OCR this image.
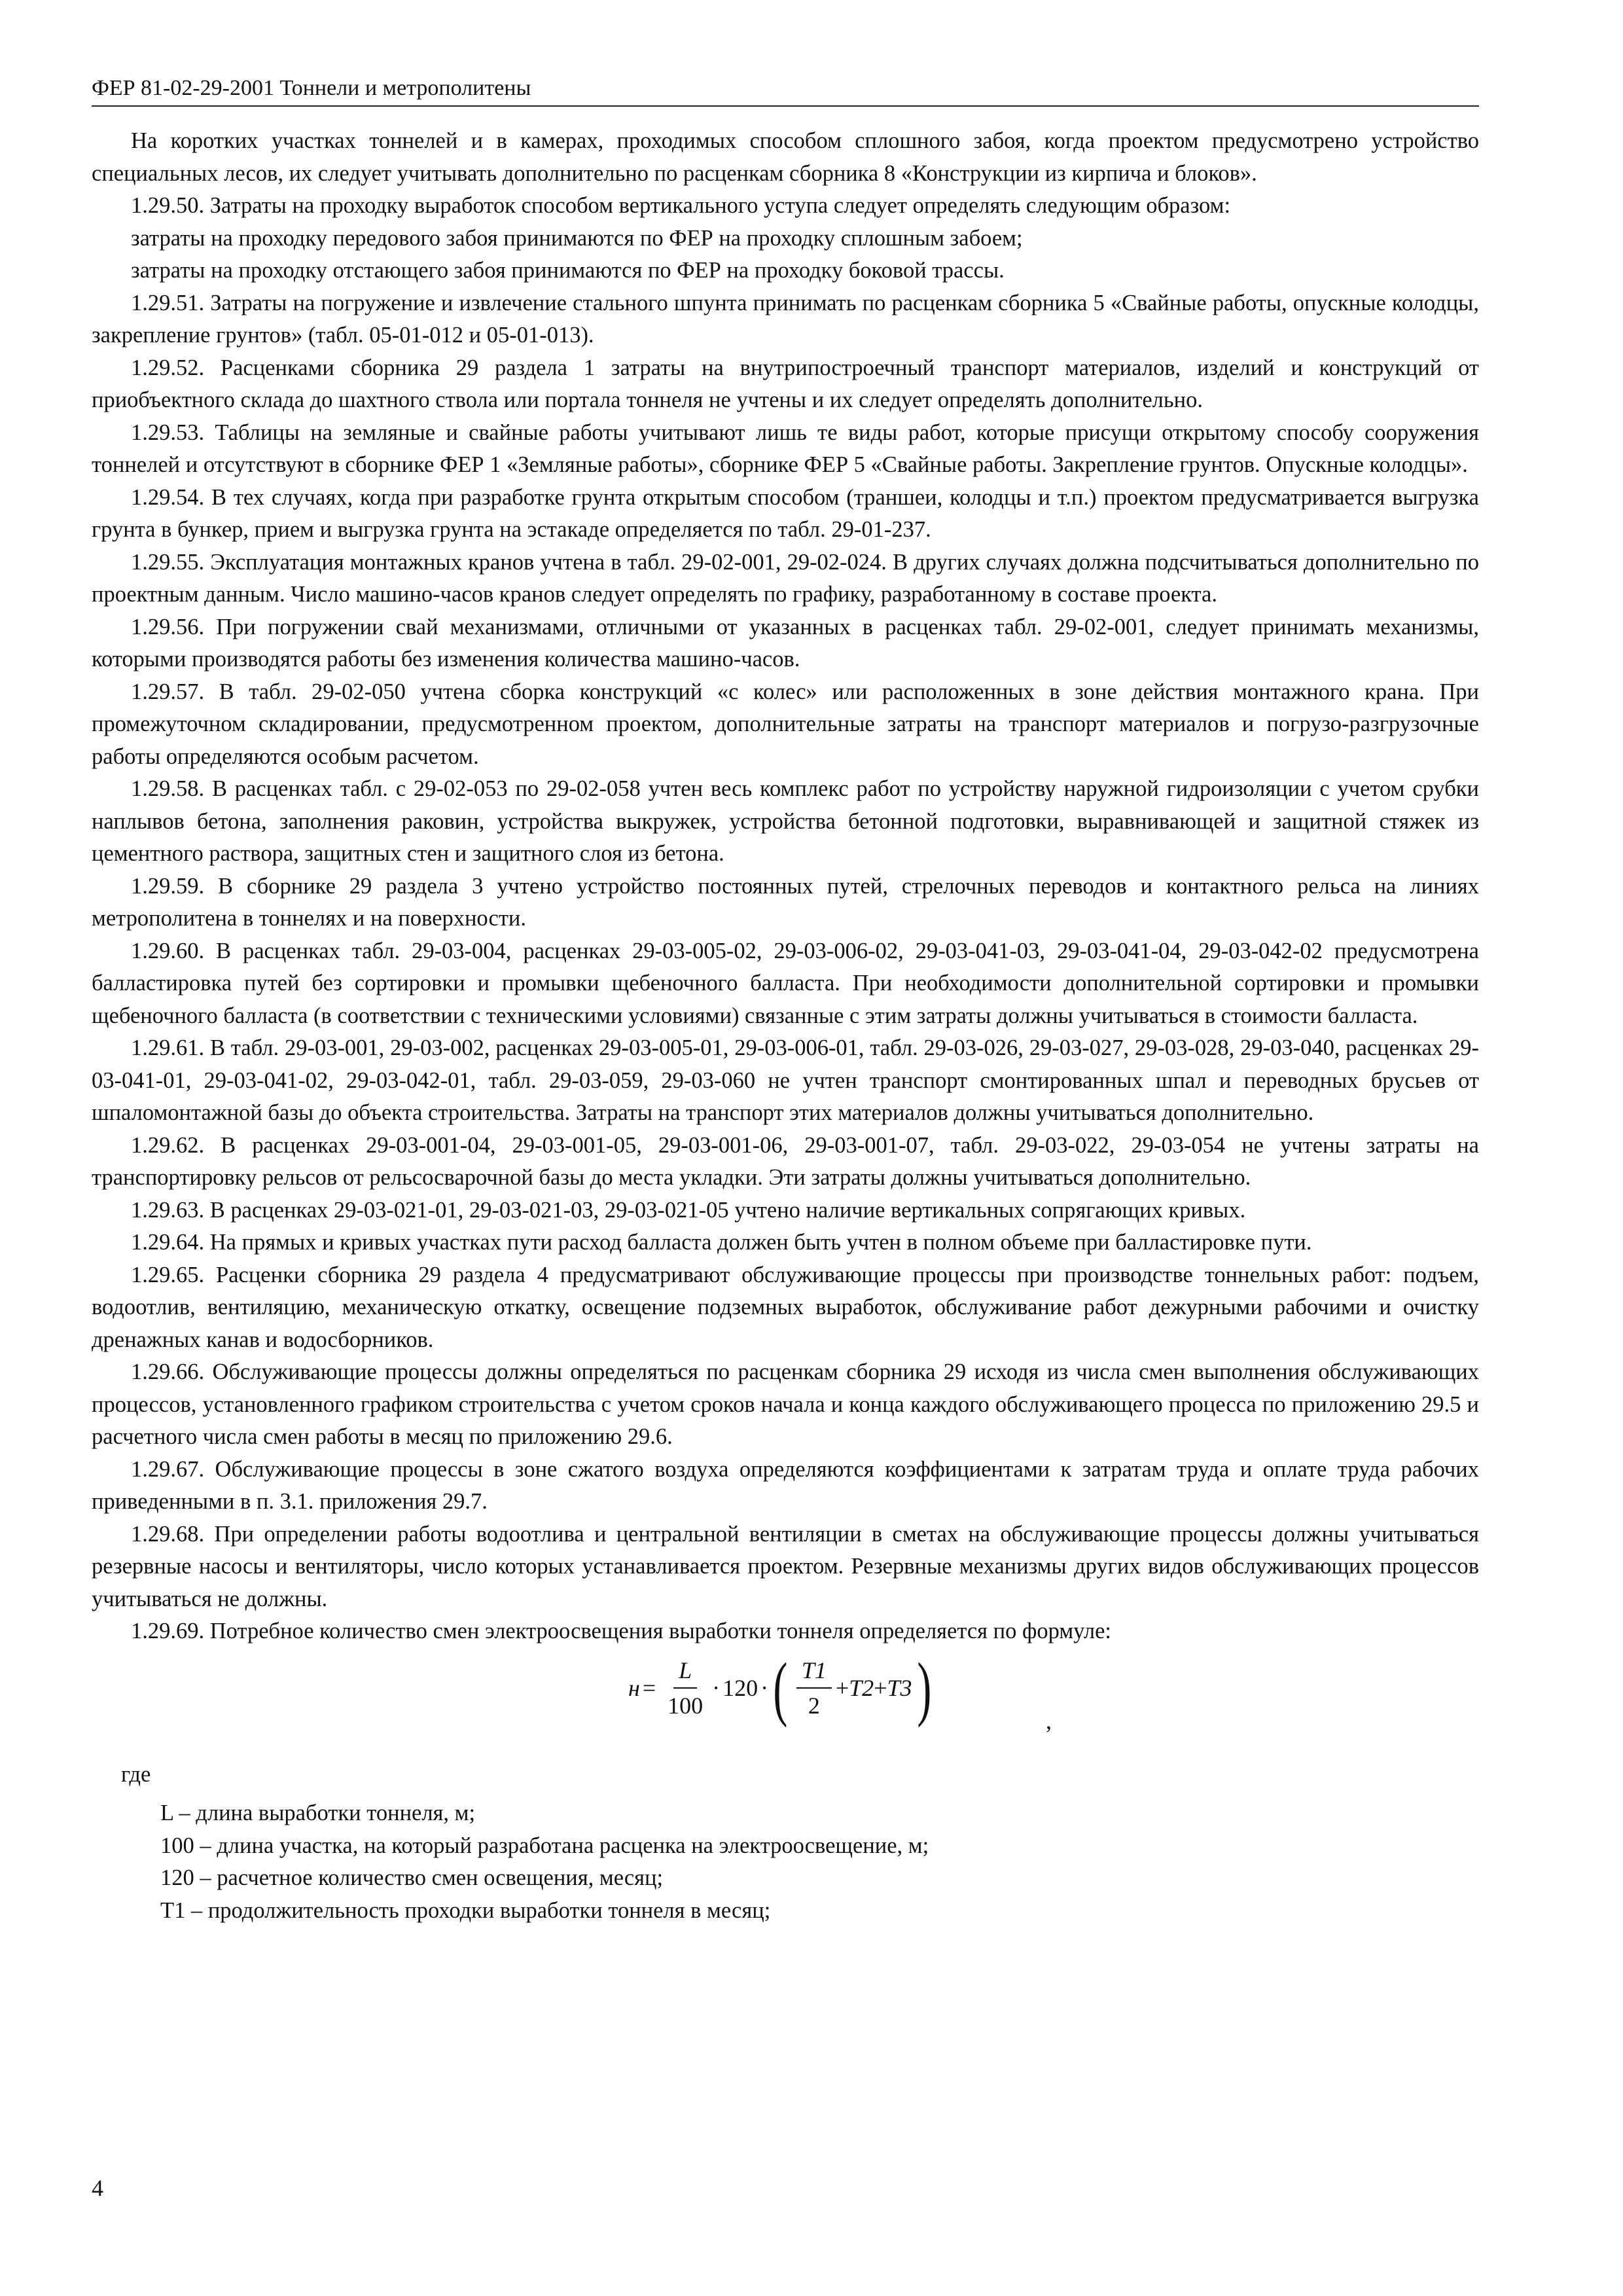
ФЕР 81-02-29-2001 Тоннели и метрополитены

На коротких участках тоннелей и в камерах, проходимых способом сплошного забоя, когда проектом предусмотрено устройство специальных лесов, их следует учитывать дополнительно по расценкам сборника 8 «Конструкции из кирпича и блоков».

1.29.50. Затраты на проходку выработок способом вертикального уступа следует определять следующим образом:

затраты на проходку передового забоя принимаются по ФЕР на проходку сплошным забоем;

затраты на проходку отстающего забоя принимаются по ФЕР на проходку боковой трассы.

1.29.51. Затраты на погружение и извлечение стального шпунта принимать по расценкам сборника 5 «Свайные работы, опускные колодцы, закрепление грунтов» (табл. 05-01-012 и 05-01-013).

1.29.52. Расценками сборника 29 раздела 1 затраты на внутрипостроечный транспорт материалов, изделий и конструкций от приобъектного склада до шахтного ствола или портала тоннеля не учтены и их следует определять дополнительно.

1.29.53. Таблицы на земляные и свайные работы учитывают лишь те виды работ, которые присущи открытому способу сооружения тоннелей и отсутствуют в сборнике ФЕР 1 «Земляные работы», сборнике ФЕР 5 «Свайные работы. Закрепление грунтов. Опускные колодцы».

1.29.54. В тех случаях, когда при разработке грунта открытым способом (траншеи, колодцы и т.п.) проектом предусматривается выгрузка грунта в бункер, прием и выгрузка грунта на эстакаде определяется по табл. 29-01-237.

1.29.55. Эксплуатация монтажных кранов учтена в табл. 29-02-001, 29-02-024. В других случаях должна подсчитываться дополнительно по проектным данным. Число машино-часов кранов следует определять по графику, разработанному в составе проекта.

1.29.56. При погружении свай механизмами, отличными от указанных в расценках табл. 29-02-001, следует принимать механизмы, которыми производятся работы без изменения количества машино-часов.

1.29.57. В табл. 29-02-050 учтена сборка конструкций «с колес» или расположенных в зоне действия монтажного крана. При промежуточном складировании, предусмотренном проектом, дополнительные затраты на транспорт материалов и погрузо-разгрузочные работы определяются особым расчетом.

1.29.58. В расценках табл. с 29-02-053 по 29-02-058 учтен весь комплекс работ по устройству наружной гидроизоляции с учетом срубки наплывов бетона, заполнения раковин, устройства выкружек, устройства бетонной подготовки, выравнивающей и защитной стяжек из цементного раствора, защитных стен и защитного слоя из бетона.

1.29.59. В сборнике 29 раздела 3 учтено устройство постоянных путей, стрелочных переводов и контактного рельса на линиях метрополитена в тоннелях и на поверхности.

1.29.60. В расценках табл. 29-03-004, расценках 29-03-005-02, 29-03-006-02, 29-03-041-03, 29-03-041-04, 29-03-042-02 предусмотрена балластировка путей без сортировки и промывки щебеночного балласта. При необходимости дополнительной сортировки и промывки щебеночного балласта (в соответствии с техническими условиями) связанные с этим затраты должны учитываться в стоимости балласта.

1.29.61. В табл. 29-03-001, 29-03-002, расценках 29-03-005-01, 29-03-006-01, табл. 29-03-026, 29-03-027, 29-03-028, 29-03-040, расценках 29-03-041-01, 29-03-041-02, 29-03-042-01, табл. 29-03-059, 29-03-060 не учтен транспорт смонтированных шпал и переводных брусьев от шпаломонтажной базы до объекта строительства. Затраты на транспорт этих материалов должны учитываться дополнительно.

1.29.62. В расценках 29-03-001-04, 29-03-001-05, 29-03-001-06, 29-03-001-07, табл. 29-03-022, 29-03-054 не учтены затраты на транспортировку рельсов от рельсосварочной базы до места укладки. Эти затраты должны учитываться дополнительно.

1.29.63. В расценках 29-03-021-01, 29-03-021-03, 29-03-021-05 учтено наличие вертикальных сопрягающих кривых.

1.29.64. На прямых и кривых участках пути расход балласта должен быть учтен в полном объеме при балластировке пути.

1.29.65. Расценки сборника 29 раздела 4 предусматривают обслуживающие процессы при производстве тоннельных работ: подъем, водоотлив, вентиляцию, механическую откатку, освещение подземных выработок, обслуживание работ дежурными рабочими и очистку дренажных канав и водосборников.

1.29.66. Обслуживающие процессы должны определяться по расценкам сборника 29 исходя из числа смен выполнения обслуживающих процессов, установленного графиком строительства с учетом сроков начала и конца каждого обслуживающего процесса по приложению 29.5 и расчетного числа смен работы в месяц по приложению 29.6.

1.29.67. Обслуживающие процессы в зоне сжатого воздуха определяются коэффициентами к затратам труда и оплате труда рабочих приведенными в п. 3.1. приложения 29.7.

1.29.68. При определении работы водоотлива и центральной вентиляции в сметах на обслуживающие процессы должны учитываться резервные насосы и вентиляторы, число которых устанавливается проектом. Резервные механизмы других видов обслуживающих процессов учитываться не должны.

1.29.69. Потребное количество смен электроосвещения выработки тоннеля определяется по формуле:

$н = \frac{L}{100} \cdot 120$ · ( $\frac{T1}{2} + T2 + T3$ )	,
где
L – длина выработки тоннеля, м;
100 – длина участка, на который разработана расценка на электроосвещение, м;
120 – расчетное количество смен освещения, месяц;
T1 – продолжительность проходки выработки тоннеля в месяц;
4
